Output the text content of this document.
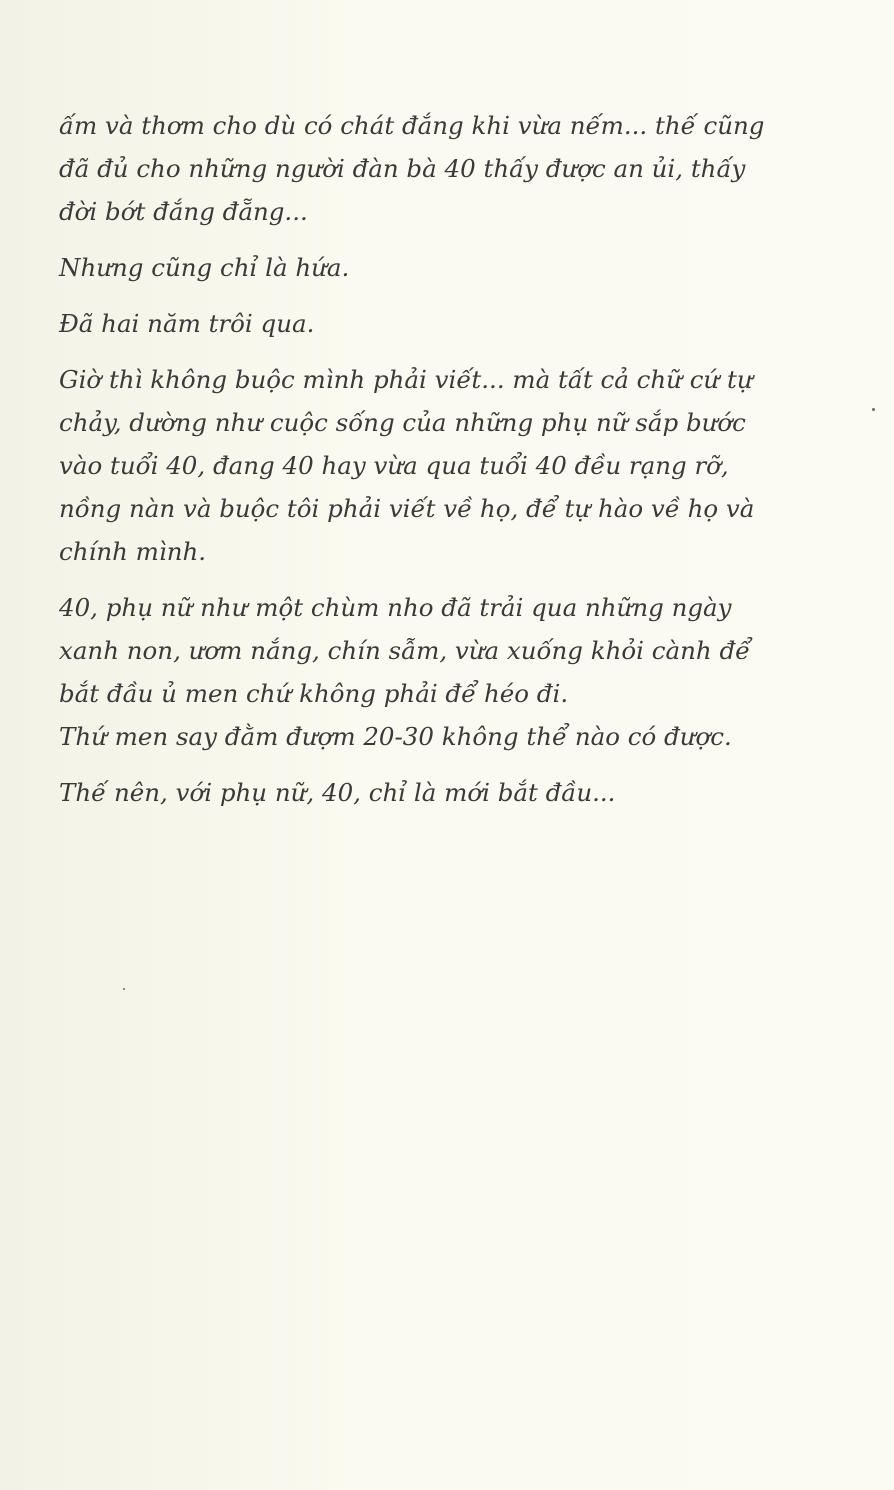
ấm và thơm cho dù có chát đắng khi vừa nếm... thế cũng
đã đủ cho những người đàn bà 40 thấy được an ủi, thấy
đời bớt đắng đẵng...

Nhưng cũng chỉ là hứa.

Đã hai năm trôi qua.

Giờ thì không buộc mình phải viết... mà tất cả chữ cứ tự
chảy, dường như cuộc sống của những phụ nữ sắp bước
vào tuổi 40, đang 40 hay vừa qua tuổi 40 đều rạng rỡ,
nồng nàn và buộc tôi phải viết về họ, để tự hào về họ và
chính mình.

40, phụ nữ như một chùm nho đã trải qua những ngày
xanh non, ươm nắng, chín sẫm, vừa xuống khỏi cành để
bắt đầu ủ men chứ không phải để héo đi.
Thứ men say đằm đượm 20-30 không thể nào có được.

Thế nên, với phụ nữ, 40, chỉ là mới bắt đầu...
